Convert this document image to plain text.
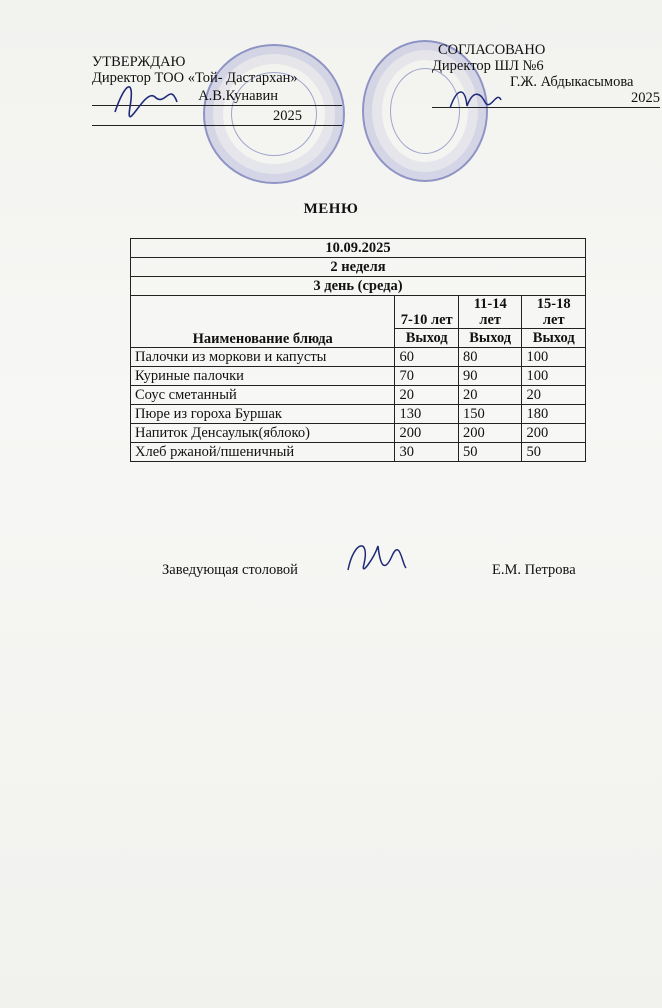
УТВЕРЖДАЮ
Директор ТОО «Той- Дастархан»
А.В.Кунавин
2025
СОГЛАСОВАНО
Директор ШЛ №6
Г.Ж. Абдыкасымова
2025
МЕНЮ
10.09.2025			
2 неделя			
3 день (среда)			
Наименование блюда	7-10 лет	11-14 лет	15-18 лет
	Выход	Выход	Выход
Палочки из моркови и капусты	60	80	100
Куриные палочки	70	90	100
Соус сметанный	20	20	20
Пюре из гороха Буршак	130	150	180
Напиток Денсаулык(яблоко)	200	200	200
Хлеб ржаной/пшеничный	30	50	50
Заведующая столовой	Е.М. Петрова
